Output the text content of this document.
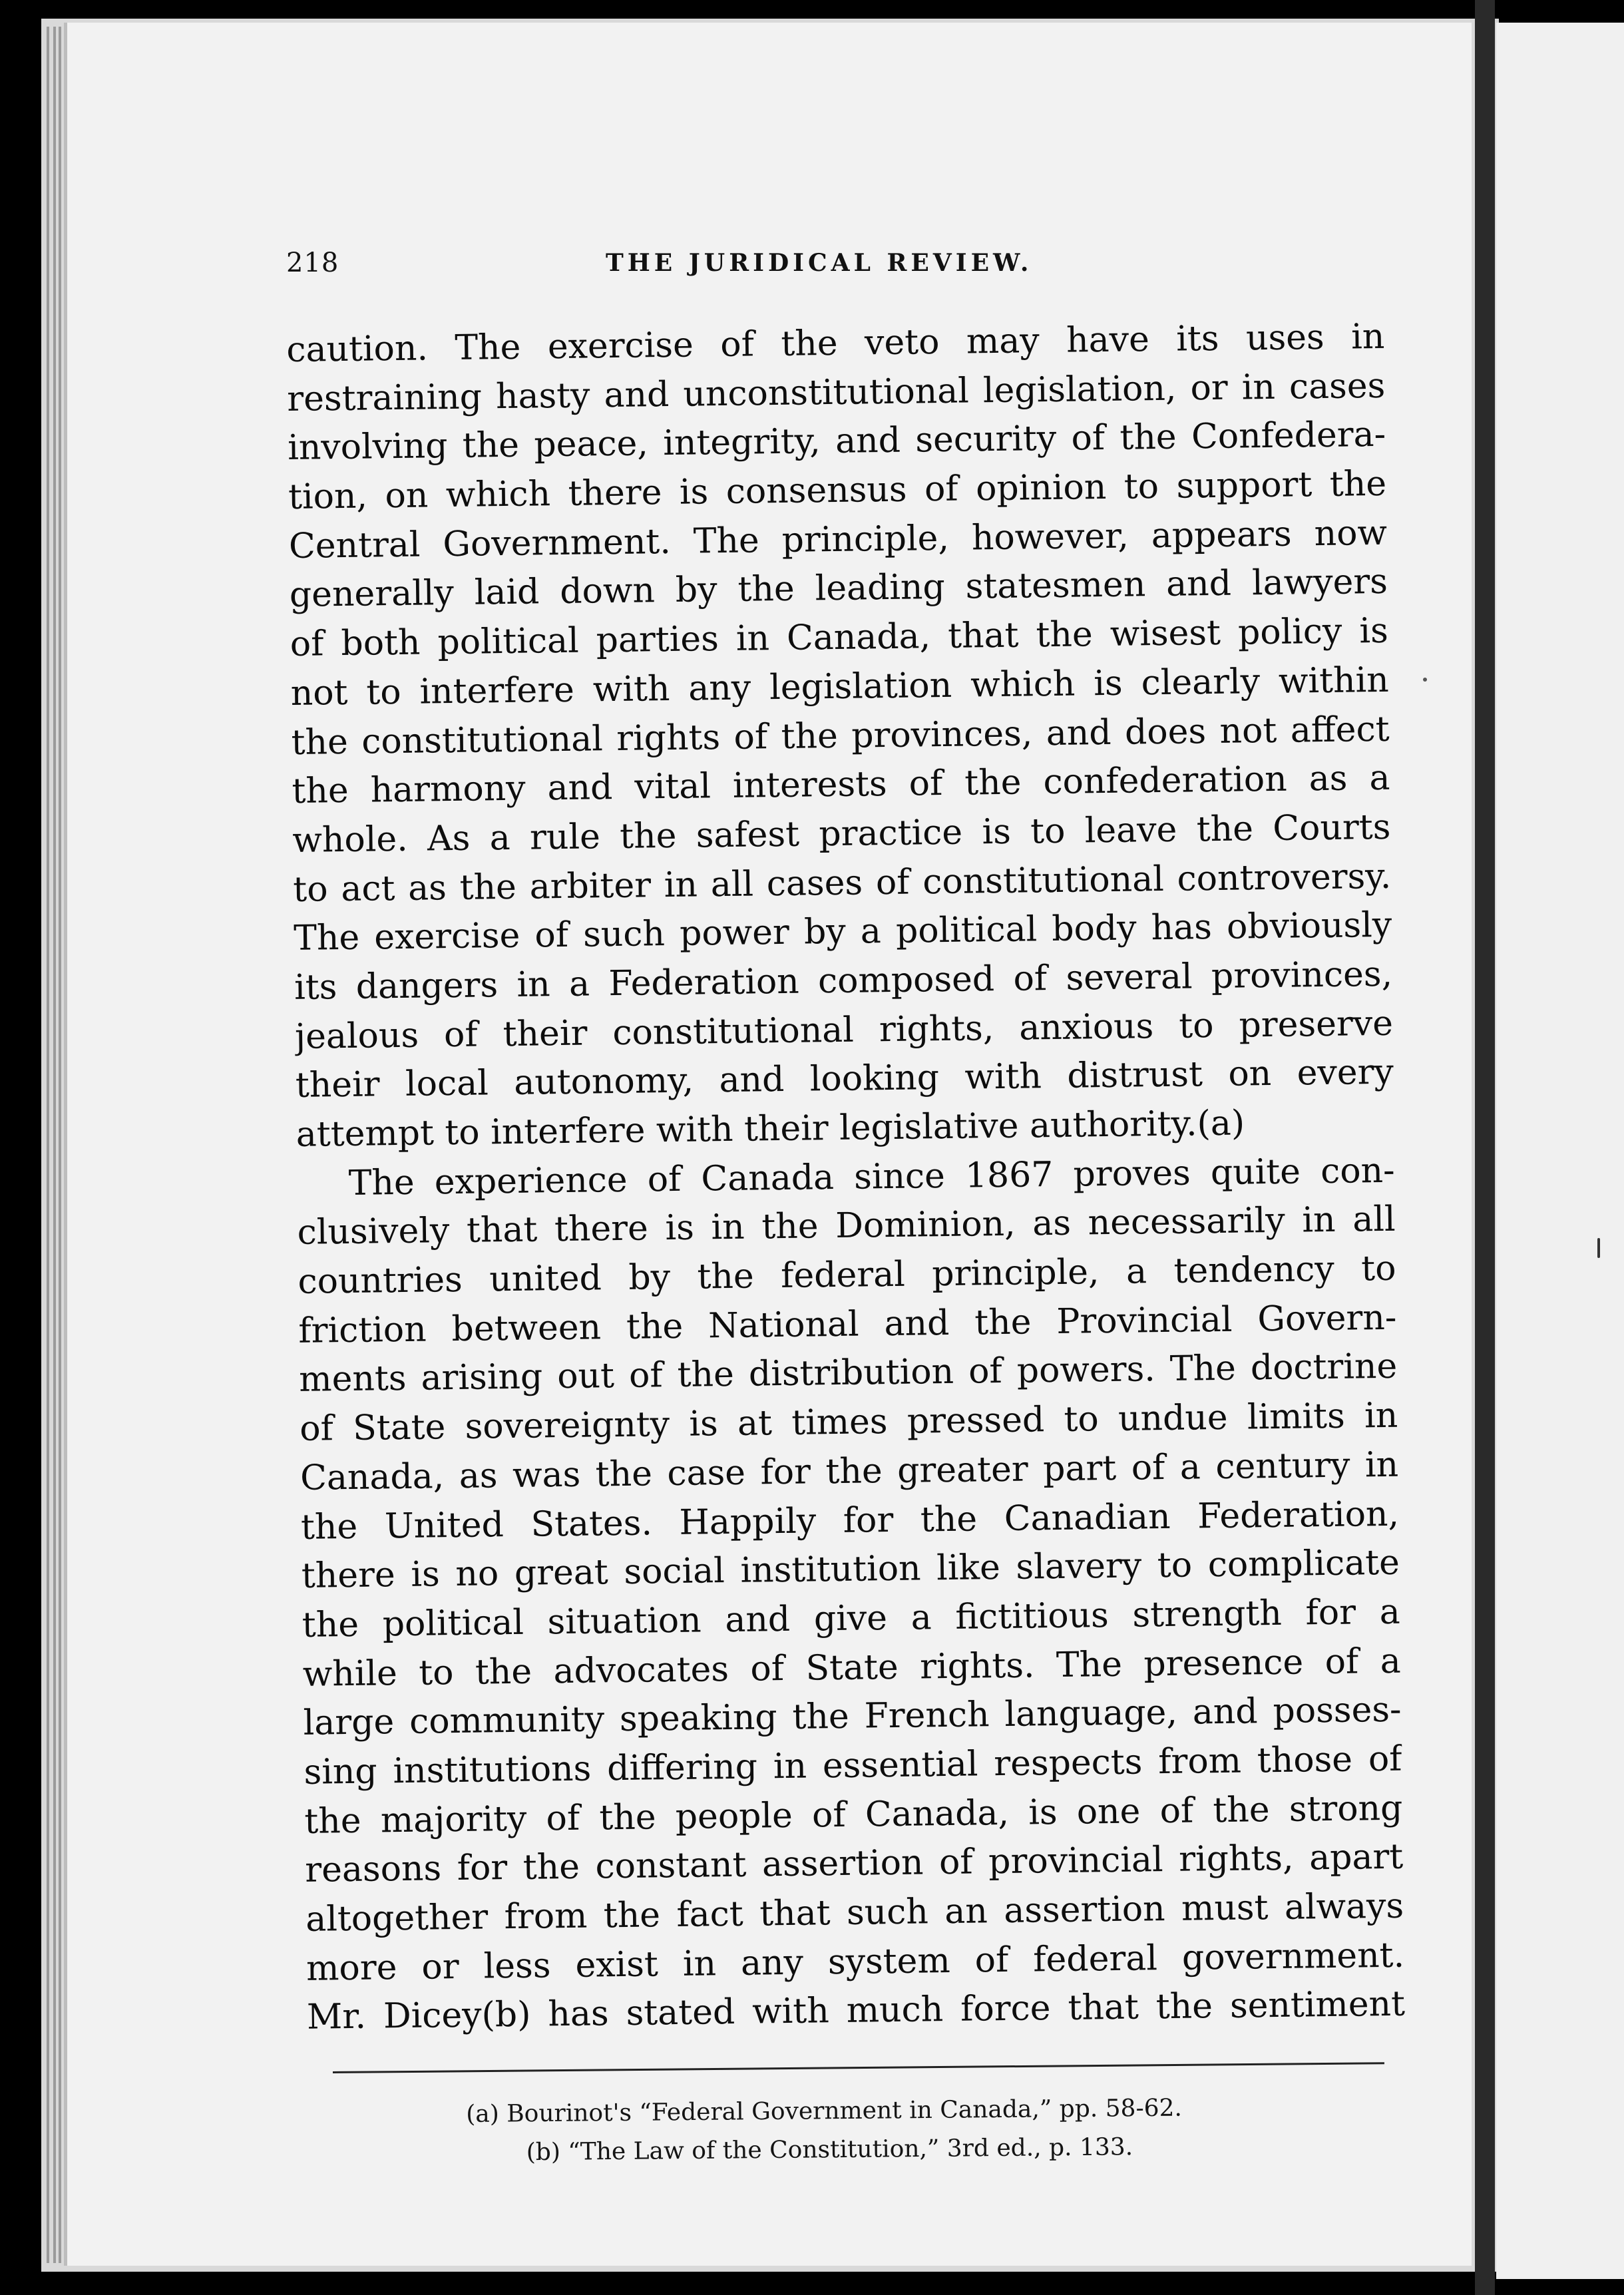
218	THE JURIDICAL REVIEW.
caution. The exercise of the veto may have its uses in
restraining hasty and unconstitutional legislation, or in cases
involving the peace, integrity, and security of the Confedera-
tion, on which there is consensus of opinion to support the
Central Government. The principle, however, appears now
generally laid down by the leading statesmen and lawyers
of both political parties in Canada, that the wisest policy is
not to interfere with any legislation which is clearly within
the constitutional rights of the provinces, and does not affect
the harmony and vital interests of the confederation as a
whole. As a rule the safest practice is to leave the Courts
to act as the arbiter in all cases of constitutional controversy.
The exercise of such power by a political body has obviously
its dangers in a Federation composed of several provinces,
jealous of their constitutional rights, anxious to preserve
their local autonomy, and looking with distrust on every
attempt to interfere with their legislative authority.(a)
The experience of Canada since 1867 proves quite con-
clusively that there is in the Dominion, as necessarily in all
countries united by the federal principle, a tendency to
friction between the National and the Provincial Govern-
ments arising out of the distribution of powers. The doctrine
of State sovereignty is at times pressed to undue limits in
Canada, as was the case for the greater part of a century in
the United States. Happily for the Canadian Federation,
there is no great social institution like slavery to complicate
the political situation and give a fictitious strength for a
while to the advocates of State rights. The presence of a
large community speaking the French language, and posses-
sing institutions differing in essential respects from those of
the majority of the people of Canada, is one of the strong
reasons for the constant assertion of provincial rights, apart
altogether from the fact that such an assertion must always
more or less exist in any system of federal government.
Mr. Dicey(b) has stated with much force that the sentiment
(a) Bourinot's “Federal Government in Canada,” pp. 58-62.
(b) “The Law of the Constitution,” 3rd ed., p. 133.
